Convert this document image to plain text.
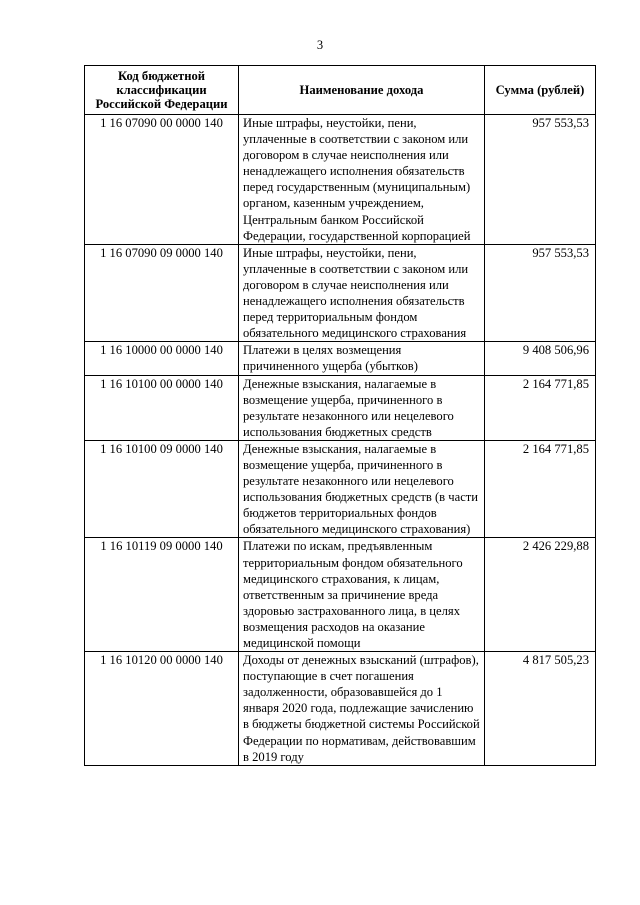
3
Код бюджетной классификации Российской Федерации	Наименование дохода	Сумма (рублей)
1 16 07090 00 0000 140	Иные штрафы, неустойки, пени, уплаченные в соответствии с законом или договором в случае неисполнения или ненадлежащего исполнения обязательств перед государственным (муниципальным) органом, казенным учреждением, Центральным банком Российской Федерации, государственной корпорацией	957 553,53
1 16 07090 09 0000 140	Иные штрафы, неустойки, пени, уплаченные в соответствии с законом или договором в случае неисполнения или ненадлежащего исполнения обязательств перед территориальным фондом обязательного медицинского страхования	957 553,53
1 16 10000 00 0000 140	Платежи в целях возмещения причиненного ущерба (убытков)	9 408 506,96
1 16 10100 00 0000 140	Денежные взыскания, налагаемые в возмещение ущерба, причиненного в результате незаконного или нецелевого использования бюджетных средств	2 164 771,85
1 16 10100 09 0000 140	Денежные взыскания, налагаемые в возмещение ущерба, причиненного в результате незаконного или нецелевого использования бюджетных средств (в части бюджетов территориальных фондов обязательного медицинского страхования)	2 164 771,85
1 16 10119 09 0000 140	Платежи по искам, предъявленным территориальным фондом обязательного медицинского страхования, к лицам, ответственным за причинение вреда здоровью застрахованного лица, в целях возмещения расходов на оказание медицинской помощи	2 426 229,88
1 16 10120 00 0000 140	Доходы от денежных взысканий (штрафов), поступающие в счет погашения задолженности, образовавшейся до 1 января 2020 года, подлежащие зачислению в бюджеты бюджетной системы Российской Федерации по нормативам, действовавшим в 2019 году	4 817 505,23
